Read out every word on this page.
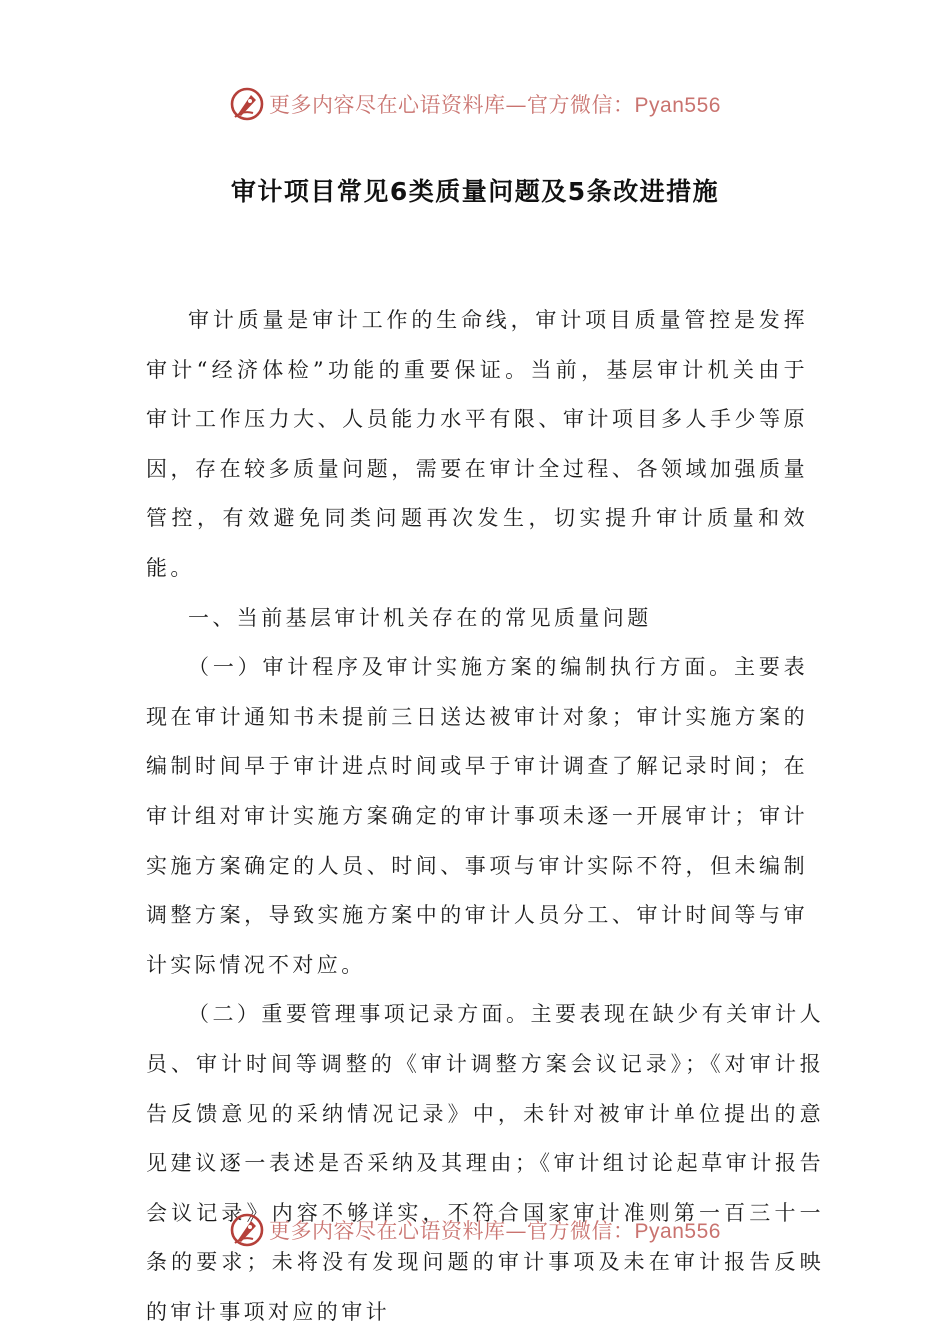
更多内容尽在心语资料库—官方微信：Pyan556
审计项目常见6类质量问题及5条改进措施

审计质量是审计工作的生命线，审计项目质量管控是发挥审计“经济体检”功能的重要保证。当前，基层审计机关由于审计工作压力大、人员能力水平有限、审计项目多人手少等原因，存在较多质量问题，需要在审计全过程、各领域加强质量管控，有效避免同类问题再次发生，切实提升审计质量和效能。

一、当前基层审计机关存在的常见质量问题

（一）审计程序及审计实施方案的编制执行方面。主要表现在审计通知书未提前三日送达被审计对象；审计实施方案的编制时间早于审计进点时间或早于审计调查了解记录时间；在审计组对审计实施方案确定的审计事项未逐一开展审计；审计实施方案确定的人员、时间、事项与审计实际不符，但未编制调整方案，导致实施方案中的审计人员分工、审计时间等与审计实际情况不对应。

（二）重要管理事项记录方面。主要表现在缺少有关审计人员、审计时间等调整的《审计调整方案会议记录》；《对审计报告反馈意见的采纳情况记录》中，未针对被审计单位提出的意见建议逐一表述是否采纳及其理由；《审计组讨论起草审计报告会议记录》内容不够详实，不符合国家审计准则第一百三十一条的要求；未将没有发现问题的审计事项及未在审计报告反映的审计事项对应的审计

更多内容尽在心语资料库—官方微信：Pyan556
